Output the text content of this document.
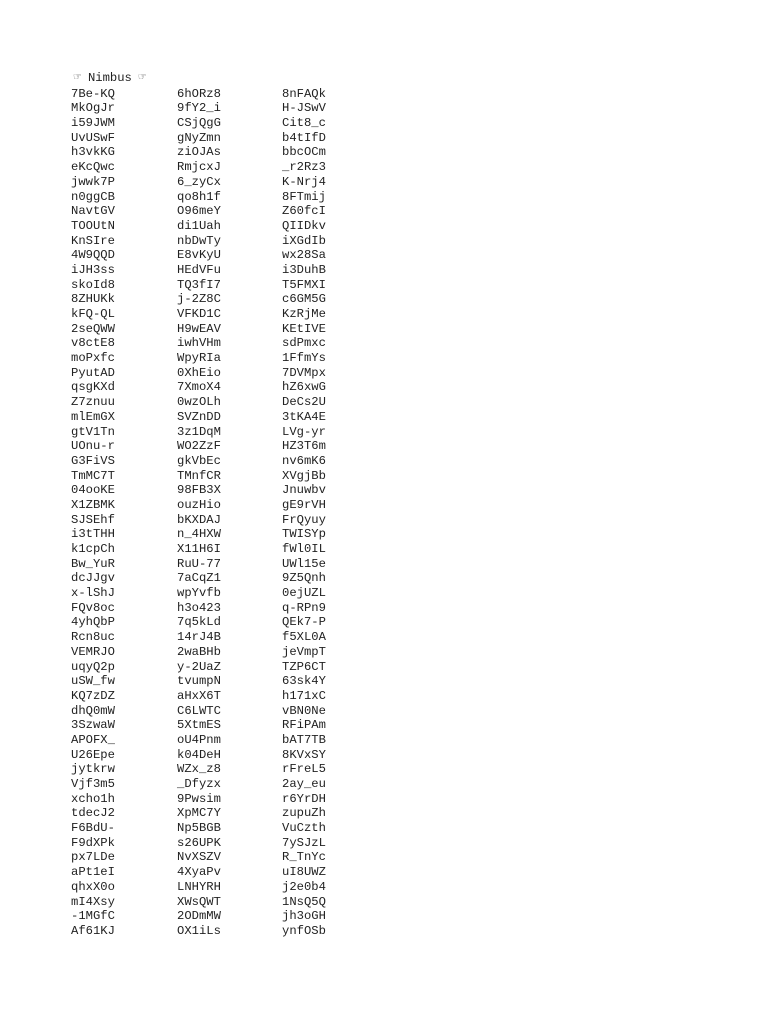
☞ Nimbus ☞
7Be-KQ	6hORz8	8nFAQk
MkOgJr	9fY2_i	H-JSwV
i59JWM	CSjQgG	Cit8_c
UvUSwF	gNyZmn	b4tIfD
h3vkKG	ziOJAs	bbcOCm
eKcQwc	RmjcxJ	_r2Rz3
jwwk7P	6_zyCx	K-Nrj4
n0ggCB	qo8h1f	8FTmij
NavtGV	O96meY	Z60fcI
TOOUtN	di1Uah	QIIDkv
KnSIre	nbDwTy	iXGdIb
4W9QQD	E8vKyU	wx28Sa
iJH3ss	HEdVFu	i3DuhB
skoId8	TQ3fI7	T5FMXI
8ZHUKk	j-2Z8C	c6GM5G
kFQ-QL	VFKD1C	KzRjMe
2seQWW	H9wEAV	KEtIVE
v8ctE8	iwhVHm	sdPmxc
moPxfc	WpyRIa	1FfmYs
PyutAD	0XhEio	7DVMpx
qsgKXd	7XmoX4	hZ6xwG
Z7znuu	0wzOLh	DeCs2U
mlEmGX	SVZnDD	3tKA4E
gtV1Tn	3z1DqM	LVg-yr
UOnu-r	WO2ZzF	HZ3T6m
G3FiVS	gkVbEc	nv6mK6
TmMC7T	TMnfCR	XVgjBb
04ooKE	98FB3X	Jnuwbv
X1ZBMK	ouzHio	gE9rVH
SJSEhf	bKXDAJ	FrQyuy
i3tTHH	n_4HXW	TWISYp
k1cpCh	X11H6I	fWl0IL
Bw_YuR	RuU-77	UWl15e
dcJJgv	7aCqZ1	9Z5Qnh
x-lShJ	wpYvfb	0ejUZL
FQv8oc	h3o423	q-RPn9
4yhQbP	7q5kLd	QEk7-P
Rcn8uc	14rJ4B	f5XL0A
VEMRJO	2waBHb	jeVmpT
uqyQ2p	y-2UaZ	TZP6CT
uSW_fw	tvumpN	63sk4Y
KQ7zDZ	aHxX6T	h171xC
dhQ0mW	C6LWTC	vBN0Ne
3SzwaW	5XtmES	RFiPAm
APOFX_	oU4Pnm	bAT7TB
U26Epe	k04DeH	8KVxSY
jytkrw	WZx_z8	rFreL5
Vjf3m5	_Dfyzx	2ay_eu
xcho1h	9Pwsim	r6YrDH
tdecJ2	XpMC7Y	zupuZh
F6BdU-	Np5BGB	VuCzth
F9dXPk	s26UPK	7ySJzL
px7LDe	NvXSZV	R_TnYc
aPt1eI	4XyaPv	uI8UWZ
qhxX0o	LNHYRH	j2e0b4
mI4Xsy	XWsQWT	1NsQ5Q
-1MGfC	2ODmMW	jh3oGH
Af61KJ	OX1iLs	ynfOSb
